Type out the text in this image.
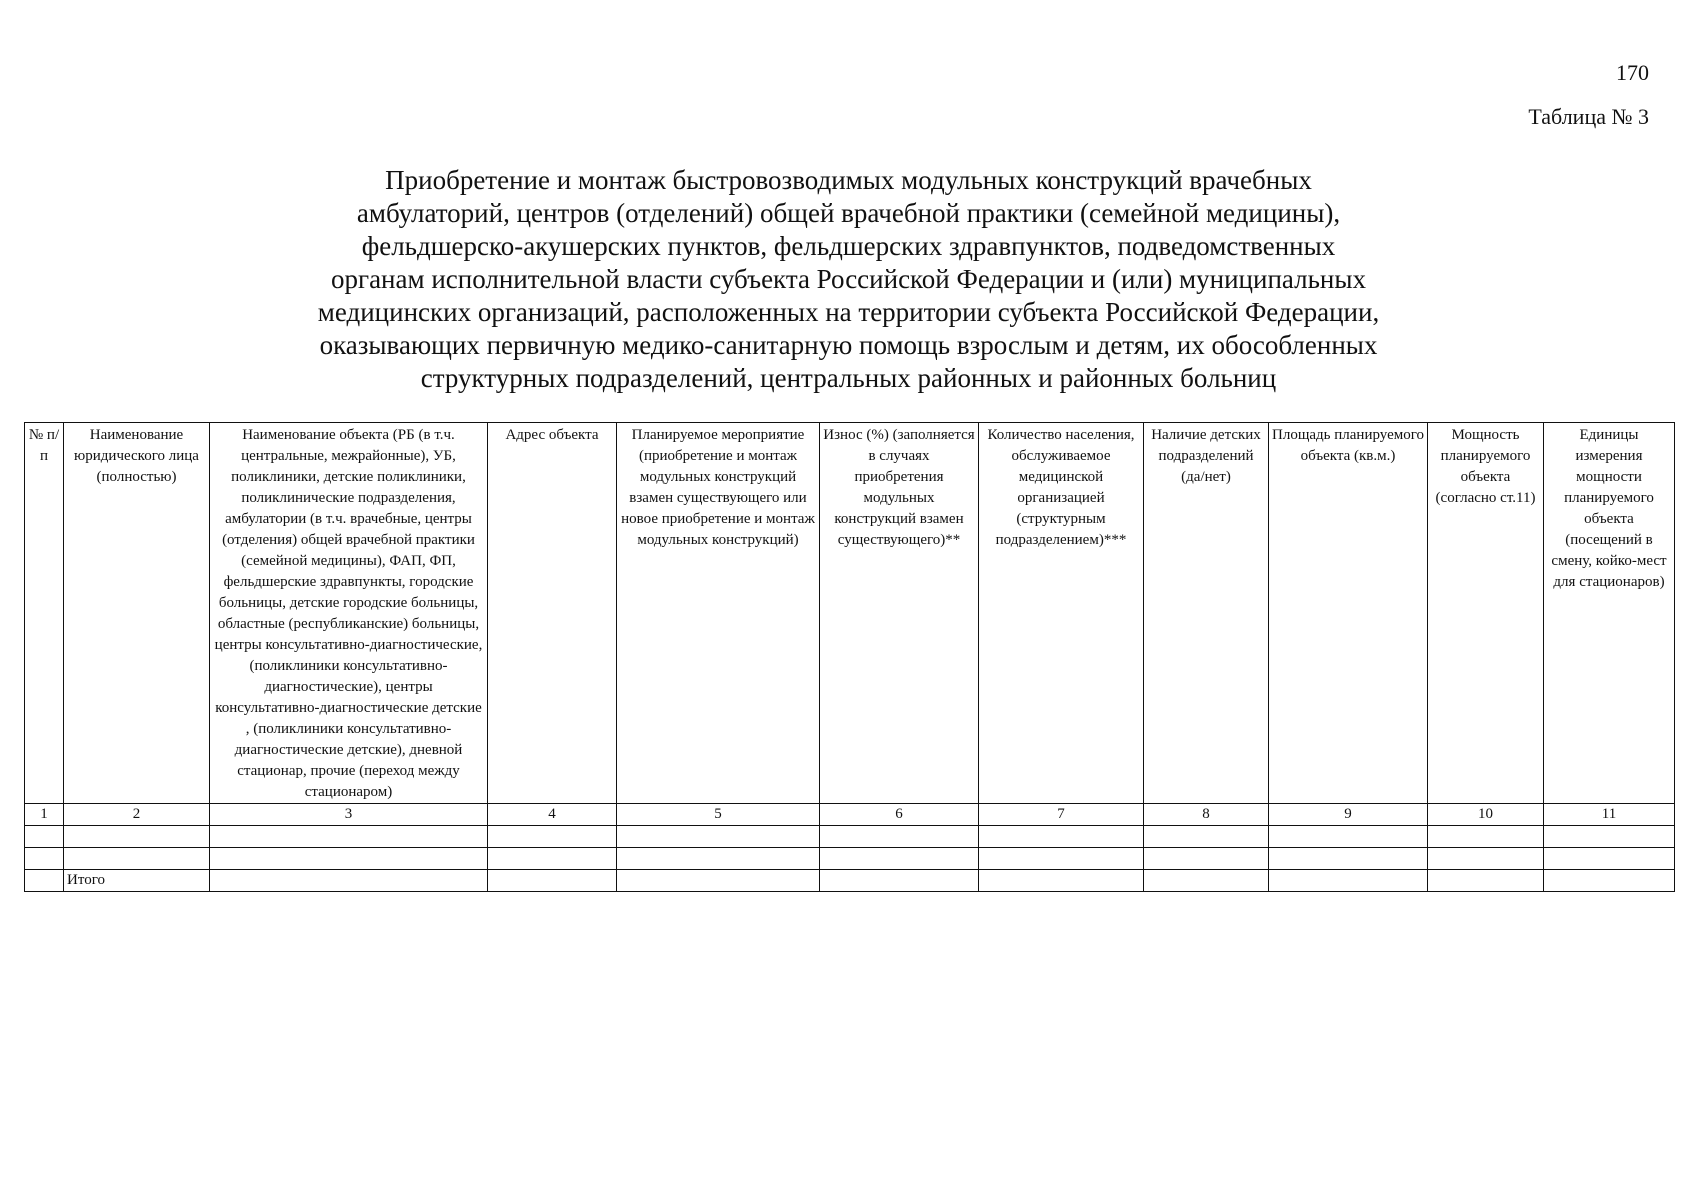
170
Таблица № 3
Приобретение и монтаж быстровозводимых модульных конструкций врачебных
амбулаторий, центров (отделений) общей врачебной практики (семейной медицины),
фельдшерско-акушерских пунктов, фельдшерских здравпунктов, подведомственных
органам исполнительной власти субъекта Российской Федерации и (или) муниципальных
медицинских организаций, расположенных на территории субъекта Российской Федерации,
оказывающих первичную медико-санитарную помощь взрослым и детям, их обособленных
структурных подразделений, центральных районных и районных больниц
№ п/п	Наименование юридического лица (полностью)	Наименование объекта (РБ (в т.ч. центральные, межрайонные), УБ, поликлиники, детские поликлиники, поликлинические подразделения, амбулатории (в т.ч. врачебные, центры (отделения) общей врачебной практики (семейной медицины), ФАП, ФП, фельдшерские здравпункты, городские больницы, детские городские больницы, областные (республиканские) больницы, центры консультативно-диагностические, (поликлиники консультативно-диагностические), центры консультативно-диагностические детские , (поликлиники консультативно-диагностические детские), дневной стационар, прочие (переход между стационаром)	Адрес объекта	Планируемое мероприятие (приобретение и монтаж модульных конструкций взамен существующего или новое приобретение и монтаж модульных конструкций)	Износ (%) (заполняется в случаях приобретения модульных конструкций взамен существующего)**	Количество населения, обслуживаемое медицинской организацией (структурным подразделением)***	Наличие детских подразделений (да/нет)	Площадь планируемого объекта (кв.м.)	Мощность планируемого объекта (согласно ст.11)	Единицы измерения мощности планируемого объекта (посещений в смену, койко-мест для стационаров)
1	2	3	4	5	6	7	8	9	10	11

	Итого									
